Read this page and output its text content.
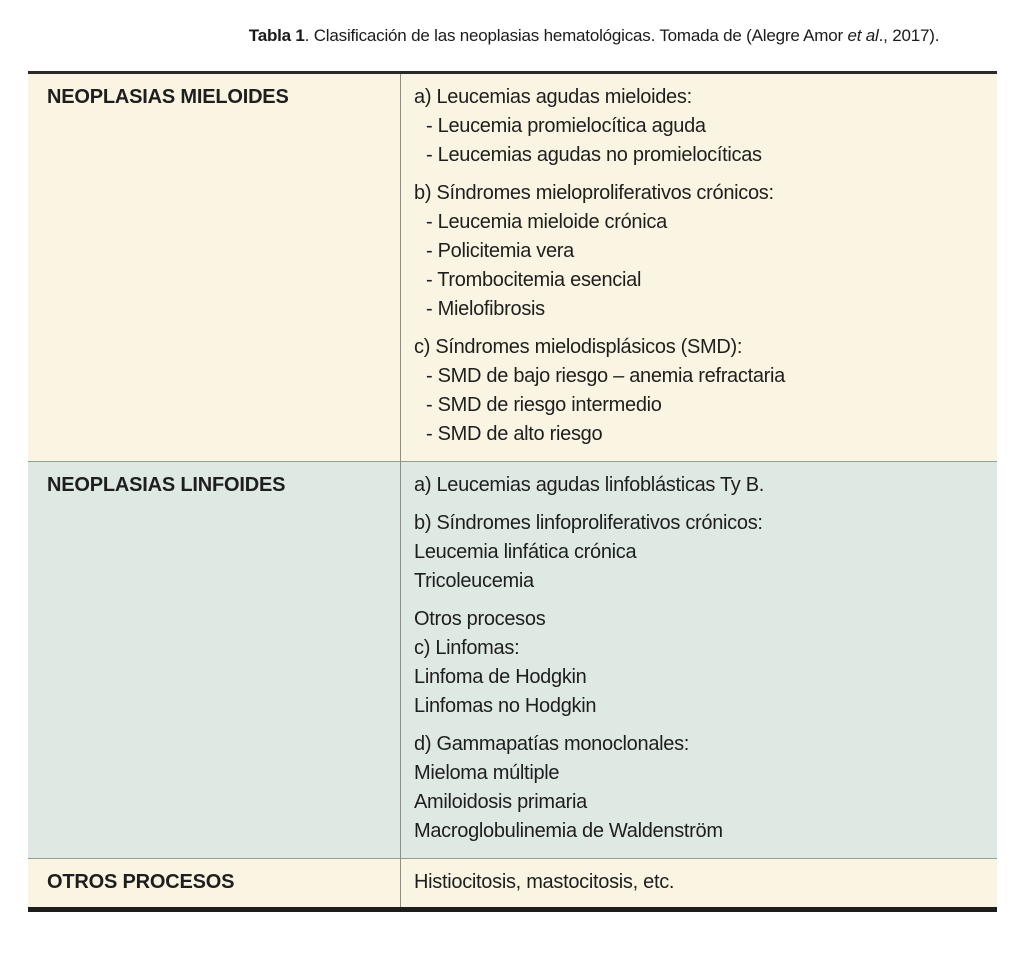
Tabla 1. Clasificación de las neoplasias hematológicas. Tomada de (Alegre Amor et al., 2017).
NEOPLASIAS MIELOIDES	a) Leucemias agudas mieloides:
- Leucemia promielocítica aguda
- Leucemias agudas no promielocíticas
b) Síndromes mieloproliferativos crónicos:
- Leucemia mieloide crónica
- Policitemia vera
- Trombocitemia esencial
- Mielofibrosis
c) Síndromes mielodisplásicos (SMD):
- SMD de bajo riesgo – anemia refractaria
- SMD de riesgo intermedio
- SMD de alto riesgo
NEOPLASIAS LINFOIDES	a) Leucemias agudas linfoblásticas Ty B.
b) Síndromes linfoproliferativos crónicos:
Leucemia linfática crónica
Tricoleucemia
Otros procesos
c) Linfomas:
Linfoma de Hodgkin
Linfomas no Hodgkin
d) Gammapatías monoclonales:
Mieloma múltiple
Amiloidosis primaria
Macroglobulinemia de Waldenström
OTROS PROCESOS	Histiocitosis, mastocitosis, etc.
